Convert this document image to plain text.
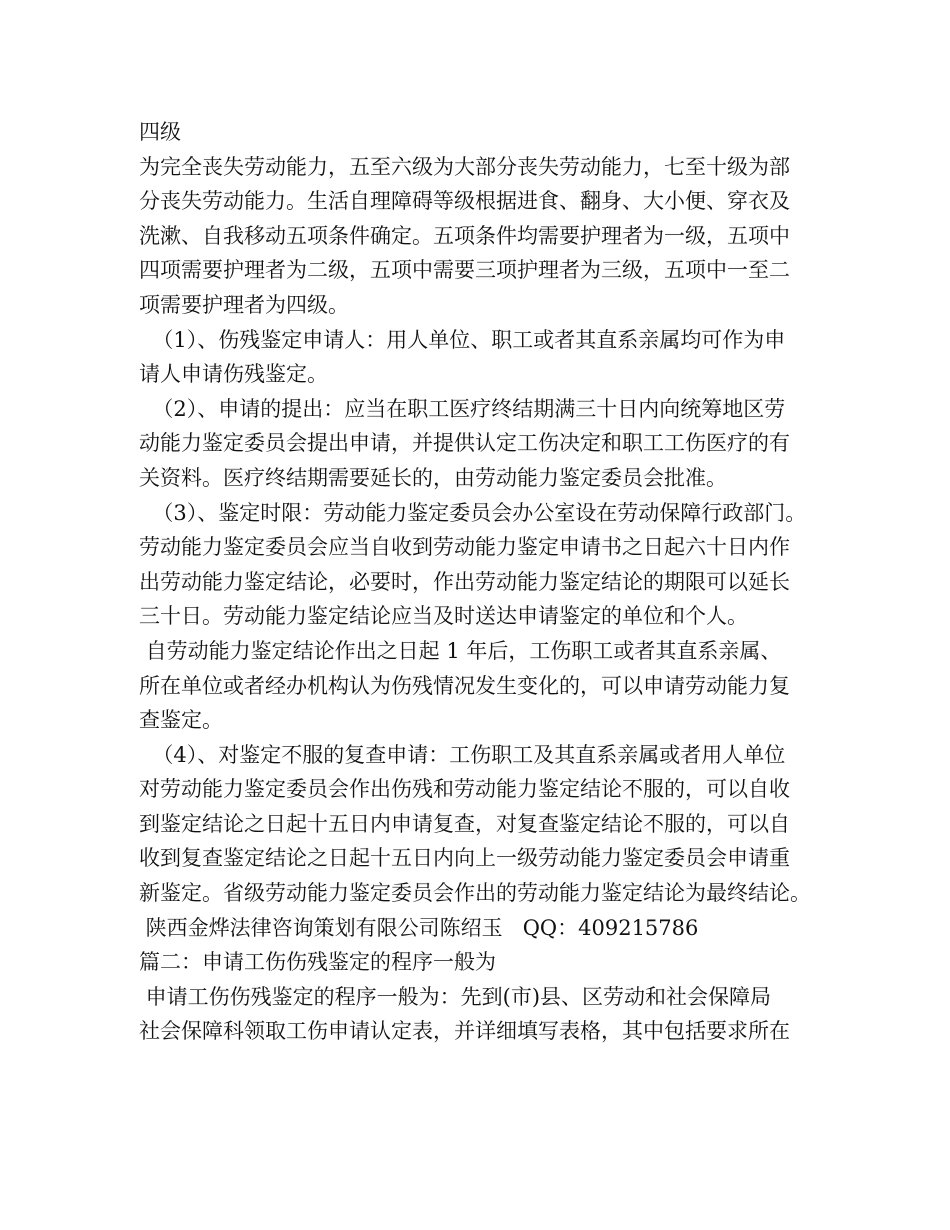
四级
为完全丧失劳动能力，五至六级为大部分丧失劳动能力，七至十级为部
分丧失劳动能力。生活自理障碍等级根据进食、翻身、大小便、穿衣及
洗漱、自我移动五项条件确定。五项条件均需要护理者为一级，五项中
四项需要护理者为二级，五项中需要三项护理者为三级，五项中一至二
项需要护理者为四级。
（1）、伤残鉴定申请人：用人单位、职工或者其直系亲属均可作为申
请人申请伤残鉴定。
（2）、申请的提出：应当在职工医疗终结期满三十日内向统筹地区劳
动能力鉴定委员会提出申请，并提供认定工伤决定和职工工伤医疗的有
关资料。医疗终结期需要延长的，由劳动能力鉴定委员会批准。
（3）、鉴定时限：劳动能力鉴定委员会办公室设在劳动保障行政部门。
劳动能力鉴定委员会应当自收到劳动能力鉴定申请书之日起六十日内作
出劳动能力鉴定结论，必要时，作出劳动能力鉴定结论的期限可以延长
三十日。劳动能力鉴定结论应当及时送达申请鉴定的单位和个人。
自劳动能力鉴定结论作出之日起 1 年后，工伤职工或者其直系亲属、
所在单位或者经办机构认为伤残情况发生变化的，可以申请劳动能力复
查鉴定。
（4）、对鉴定不服的复查申请：工伤职工及其直系亲属或者用人单位
对劳动能力鉴定委员会作出伤残和劳动能力鉴定结论不服的，可以自收
到鉴定结论之日起十五日内申请复查，对复查鉴定结论不服的，可以自
收到复查鉴定结论之日起十五日内向上一级劳动能力鉴定委员会申请重
新鉴定。省级劳动能力鉴定委员会作出的劳动能力鉴定结论为最终结论。
陕西金烨法律咨询策划有限公司陈绍玉   QQ：409215786
篇二：申请工伤伤残鉴定的程序一般为
申请工伤伤残鉴定的程序一般为：先到(市)县、区劳动和社会保障局
社会保障科领取工伤申请认定表，并详细填写表格，其中包括要求所在
